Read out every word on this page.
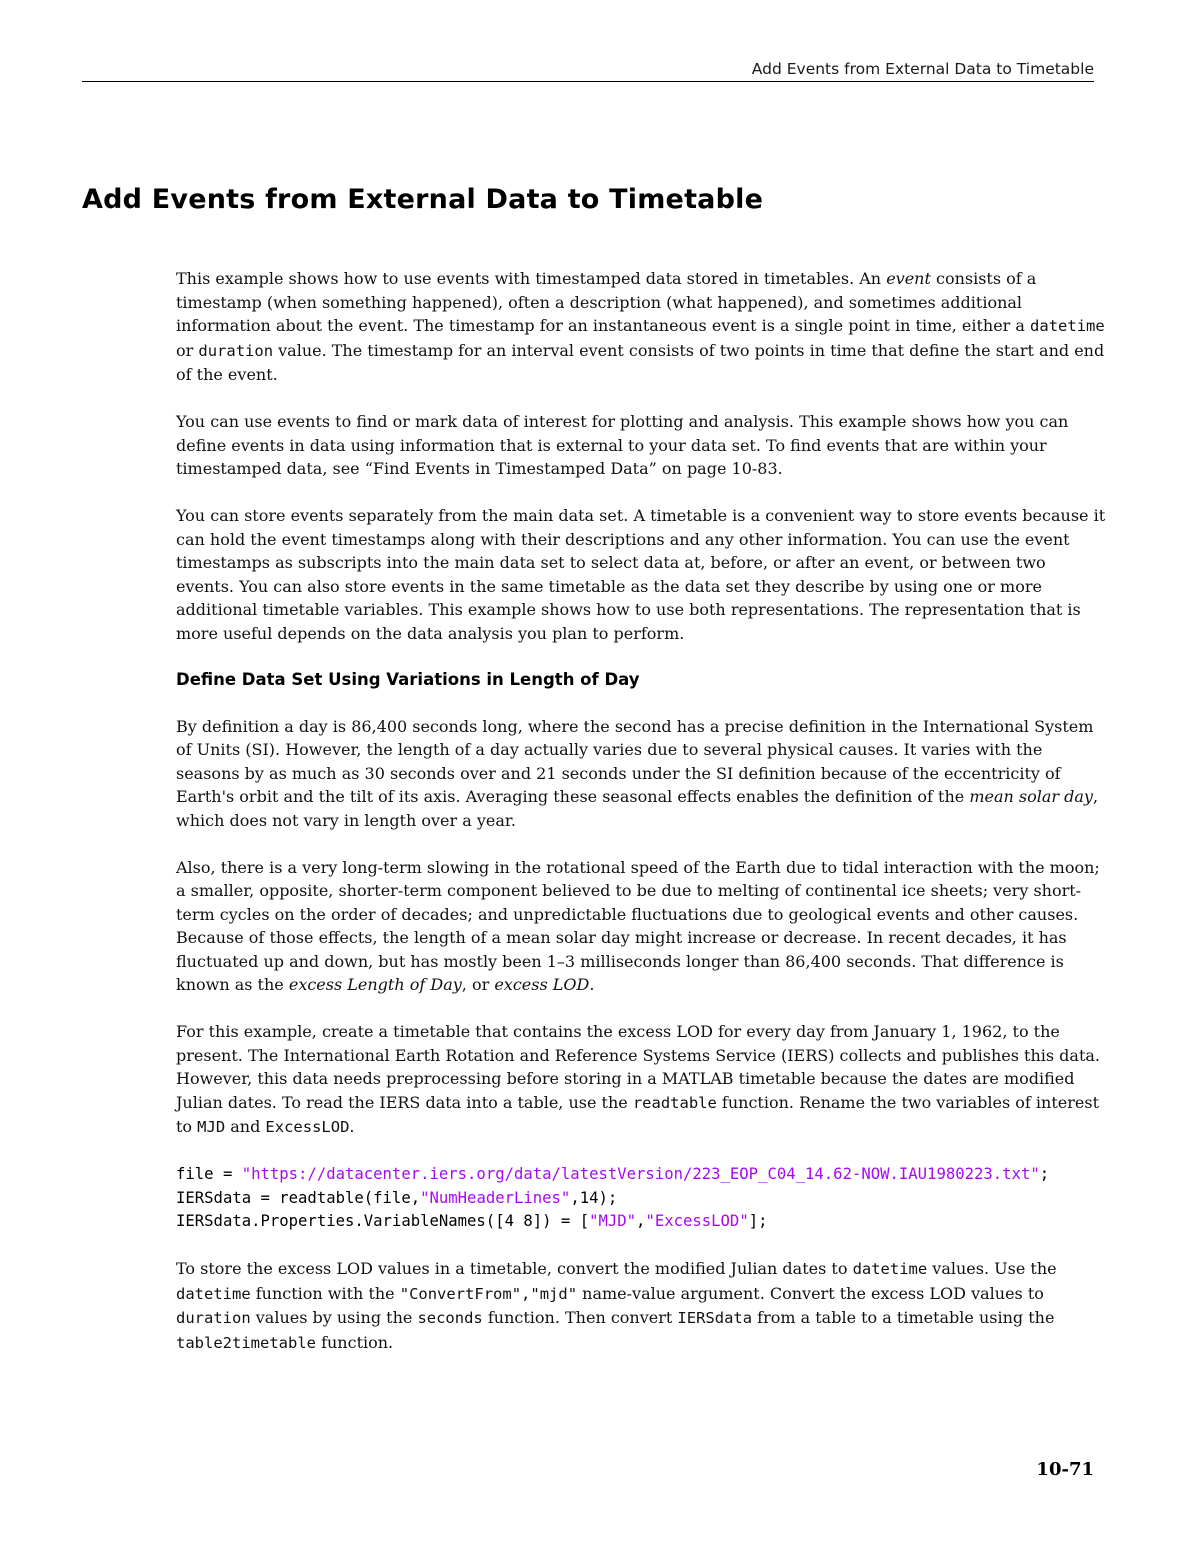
Add Events from External Data to Timetable
Add Events from External Data to Timetable

This example shows how to use events with timestamped data stored in timetables. An event consists of a timestamp (when something happened), often a description (what happened), and sometimes additional information about the event. The timestamp for an instantaneous event is a single point in time, either a datetime or duration value. The timestamp for an interval event consists of two points in time that define the start and end of the event.

You can use events to find or mark data of interest for plotting and analysis. This example shows how you can define events in data using information that is external to your data set. To find events that are within your timestamped data, see “Find Events in Timestamped Data” on page 10-83.

You can store events separately from the main data set. A timetable is a convenient way to store events because it can hold the event timestamps along with their descriptions and any other information. You can use the event timestamps as subscripts into the main data set to select data at, before, or after an event, or between two events. You can also store events in the same timetable as the data set they describe by using one or more additional timetable variables. This example shows how to use both representations. The representation that is more useful depends on the data analysis you plan to perform.

Define Data Set Using Variations in Length of Day

By definition a day is 86,400 seconds long, where the second has a precise definition in the International System of Units (SI). However, the length of a day actually varies due to several physical causes. It varies with the seasons by as much as 30 seconds over and 21 seconds under the SI definition because of the eccentricity of Earth's orbit and the tilt of its axis. Averaging these seasonal effects enables the definition of the mean solar day, which does not vary in length over a year.

Also, there is a very long-term slowing in the rotational speed of the Earth due to tidal interaction with the moon; a smaller, opposite, shorter-term component believed to be due to melting of continental ice sheets; very short-term cycles on the order of decades; and unpredictable fluctuations due to geological events and other causes. Because of those effects, the length of a mean solar day might increase or decrease. In recent decades, it has fluctuated up and down, but has mostly been 1–3 milliseconds longer than 86,400 seconds. That difference is known as the excess Length of Day, or excess LOD.

For this example, create a timetable that contains the excess LOD for every day from January 1, 1962, to the present. The International Earth Rotation and Reference Systems Service (IERS) collects and publishes this data. However, this data needs preprocessing before storing in a MATLAB timetable because the dates are modified Julian dates. To read the IERS data into a table, use the readtable function. Rename the two variables of interest to MJD and ExcessLOD.

file = "https://datacenter.iers.org/data/latestVersion/223_EOP_C04_14.62-NOW.IAU1980223.txt";
IERSdata = readtable(file,"NumHeaderLines",14);
IERSdata.Properties.VariableNames([4 8]) = ["MJD","ExcessLOD"];

To store the excess LOD values in a timetable, convert the modified Julian dates to datetime values. Use the datetime function with the "ConvertFrom","mjd" name-value argument. Convert the excess LOD values to duration values by using the seconds function. Then convert IERSdata from a table to a timetable using the table2timetable function.

10-71
